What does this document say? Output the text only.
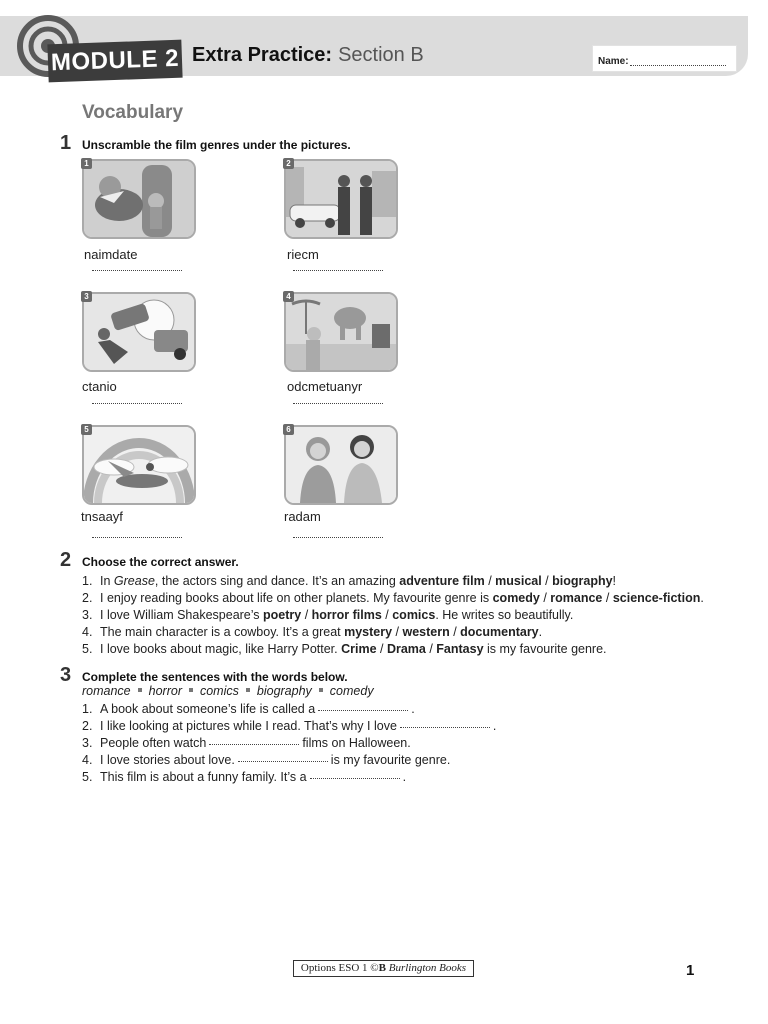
MODULE 2 Extra Practice: Section B	Name:
Vocabulary
1 Unscramble the film genres under the pictures.
1
naimdate
2
riecm
3
ctanio
4
odcmetuanyr
5
tnsaayf
6
radam
2 Choose the correct answer.
1. In Grease, the actors sing and dance. It’s an amazing adventure film / musical / biography!
2. I enjoy reading books about life on other planets. My favourite genre is comedy / romance / science-fiction.
3. I love William Shakespeare’s poetry / horror films / comics. He writes so beautifully.
4. The main character is a cowboy. It’s a great mystery / western / documentary.
5. I love books about magic, like Harry Potter. Crime / Drama / Fantasy is my favourite genre.
3 Complete the sentences with the words below.
romance horror comics biography comedy
1. A book about someone’s life is called a	.
2. I like looking at pictures while I read. That’s why I love	.
3. People often watch	films on Halloween.
4. I love stories about love.	is my favourite genre.
5. This film is about a funny family. It’s a	.
Options ESO 1 ©B Burlington Books	1
